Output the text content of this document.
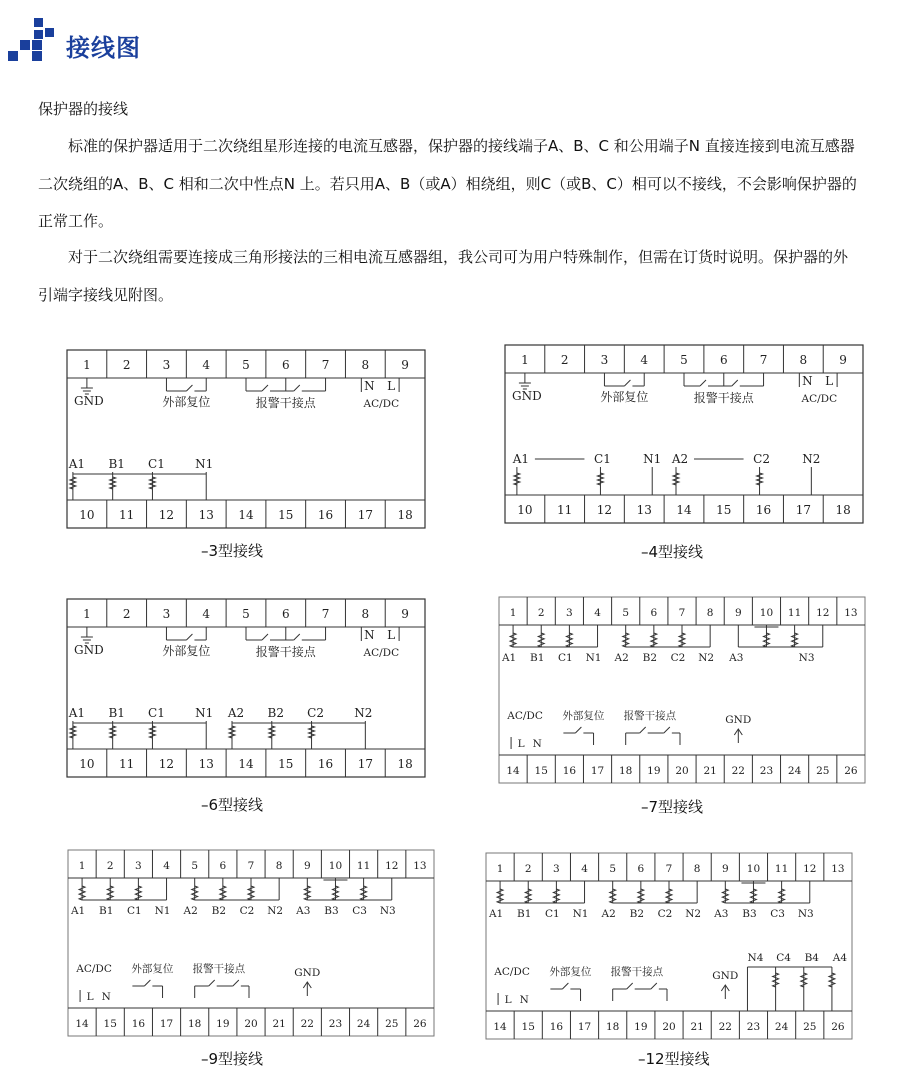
接线图

保护器的接线

标准的保护器适用于二次绕组星形连接的电流互感器，保护器的接线端子A、B、C 和公用端子N 直接连接到电流互感器

二次绕组的A、B、C 相和二次中性点N 上。若只用A、B（或A）相绕组，则C（或B、C）相可以不接线，不会影响保护器的

正常工作。

对于二次绕组需要连接成三角形接法的三相电流互感器组，我公司可为用户特殊制作，但需在订货时说明。保护器的外

引端字接线见附图。

1	2	3	4	5	6	7	8	9
10 11 12 13 14 15 16 17 18
GND	外部复位	报警干接点
N L
AC/DC
A1 B1 C1	N1
1	2	3	4	5	6	7	8	9
10 11 12 13 14 15 16 17 18
GND	外部复位	报警干接点
N L
AC/DC
A1	C1	N1 A2	C2	N2
1	2	3	4	5	6	7	8	9
10 11 12 13 14 15 16 17 18
GND	外部复位	报警干接点
N L
AC/DC
A1 B1 C1	N1 A2 B2 C2	N2
1 2 3 4 5 6 7 8 9 10 11 12 13
14 15 16 17 18 19 20 21 22 23 24 25 26
A1 B1 C1 N1 A2 B2 C2 N2 A3	N3
AC/DC
L N
外部复位 报警干接点	GND
1 2 3 4 5 6 7 8 9 10 11 12 13
14 15 16 17 18 19 20 21 22 23 24 25 26
A1 B1 C1 N1 A2 B2 C2 N2 A3 B3 C3 N3
AC/DC
L N
外部复位 报警干接点	GND
1 2 3 4 5 6 7 8 9 10 11 12 13
14 15 16 17 18 19 20 21 22 23 24 25 26
A1 B1 C1 N1 A2 B2 C2 N2 A3 B3 C3 N3
AC/DC
L N
外部复位 报警干接点	GND
N4 C4 B4 A4
–3型接线	–4型接线
–6型接线	–7型接线
–9型接线	–12型接线
